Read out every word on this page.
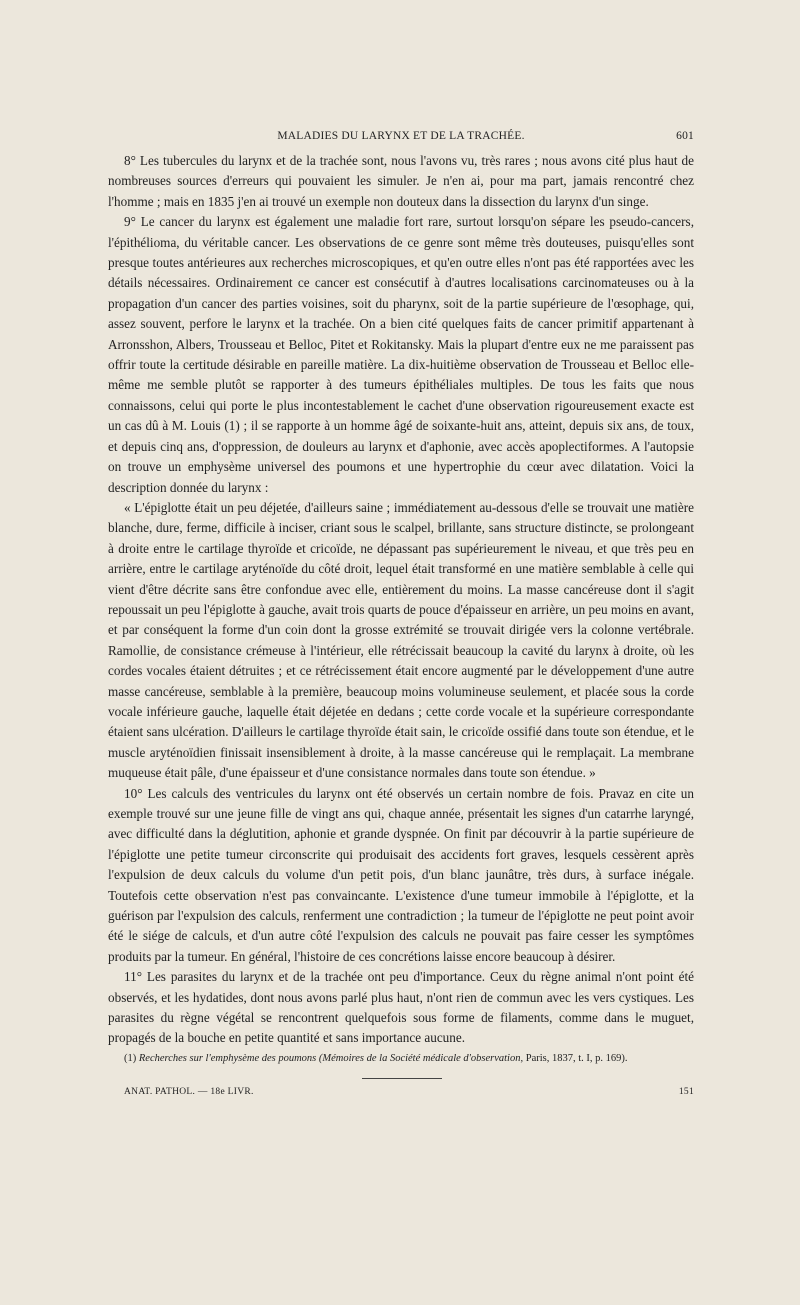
MALADIES DU LARYNX ET DE LA TRACHÉE.	601

8° Les tubercules du larynx et de la trachée sont, nous l'avons vu, très rares ; nous avons cité plus haut de nombreuses sources d'erreurs qui pouvaient les simuler. Je n'en ai, pour ma part, jamais rencontré chez l'homme ; mais en 1835 j'en ai trouvé un exemple non douteux dans la dissection du larynx d'un singe.

9° Le cancer du larynx est également une maladie fort rare, surtout lorsqu'on sépare les pseudo-cancers, l'épithélioma, du véritable cancer. Les observations de ce genre sont même très douteuses, puisqu'elles sont presque toutes antérieures aux recherches microscopiques, et qu'en outre elles n'ont pas été rapportées avec les détails nécessaires. Ordinairement ce cancer est consécutif à d'autres localisations carcinomateuses ou à la propagation d'un cancer des parties voisines, soit du pharynx, soit de la partie supérieure de l'œsophage, qui, assez souvent, perfore le larynx et la trachée. On a bien cité quelques faits de cancer primitif appartenant à Arronsshon, Albers, Trousseau et Belloc, Pitet et Rokitansky. Mais la plupart d'entre eux ne me paraissent pas offrir toute la certitude désirable en pareille matière. La dix-huitième observation de Trousseau et Belloc elle-même me semble plutôt se rapporter à des tumeurs épithéliales multiples. De tous les faits que nous connaissons, celui qui porte le plus incontestablement le cachet d'une observation rigoureusement exacte est un cas dû à M. Louis (1) ; il se rapporte à un homme âgé de soixante-huit ans, atteint, depuis six ans, de toux, et depuis cinq ans, d'oppression, de douleurs au larynx et d'aphonie, avec accès apoplectiformes. A l'autopsie on trouve un emphysème universel des poumons et une hypertrophie du cœur avec dilatation. Voici la description donnée du larynx :

« L'épiglotte était un peu déjetée, d'ailleurs saine ; immédiatement au-dessous d'elle se trouvait une matière blanche, dure, ferme, difficile à inciser, criant sous le scalpel, brillante, sans structure distincte, se prolongeant à droite entre le cartilage thyroïde et cricoïde, ne dépassant pas supérieurement le niveau, et que très peu en arrière, entre le cartilage aryténoïde du côté droit, lequel était transformé en une matière semblable à celle qui vient d'être décrite sans être confondue avec elle, entièrement du moins. La masse cancéreuse dont il s'agit repoussait un peu l'épiglotte à gauche, avait trois quarts de pouce d'épaisseur en arrière, un peu moins en avant, et par conséquent la forme d'un coin dont la grosse extrémité se trouvait dirigée vers la colonne vertébrale. Ramollie, de consistance crémeuse à l'intérieur, elle rétrécissait beaucoup la cavité du larynx à droite, où les cordes vocales étaient détruites ; et ce rétrécissement était encore augmenté par le développement d'une autre masse cancéreuse, semblable à la première, beaucoup moins volumineuse seulement, et placée sous la corde vocale inférieure gauche, laquelle était déjetée en dedans ; cette corde vocale et la supérieure correspondante étaient sans ulcération. D'ailleurs le cartilage thyroïde était sain, le cricoïde ossifié dans toute son étendue, et le muscle aryténoïdien finissait insensiblement à droite, à la masse cancéreuse qui le remplaçait. La membrane muqueuse était pâle, d'une épaisseur et d'une consistance normales dans toute son étendue. »

10° Les calculs des ventricules du larynx ont été observés un certain nombre de fois. Pravaz en cite un exemple trouvé sur une jeune fille de vingt ans qui, chaque année, présentait les signes d'un catarrhe laryngé, avec difficulté dans la déglutition, aphonie et grande dyspnée. On finit par découvrir à la partie supérieure de l'épiglotte une petite tumeur circonscrite qui produisait des accidents fort graves, lesquels cessèrent après l'expulsion de deux calculs du volume d'un petit pois, d'un blanc jaunâtre, très durs, à surface inégale. Toutefois cette observation n'est pas convaincante. L'existence d'une tumeur immobile à l'épiglotte, et la guérison par l'expulsion des calculs, renferment une contradiction ; la tumeur de l'épiglotte ne peut point avoir été le siége de calculs, et d'un autre côté l'expulsion des calculs ne pouvait pas faire cesser les symptômes produits par la tumeur. En général, l'histoire de ces concrétions laisse encore beaucoup à désirer.

11° Les parasites du larynx et de la trachée ont peu d'importance. Ceux du règne animal n'ont point été observés, et les hydatides, dont nous avons parlé plus haut, n'ont rien de commun avec les vers cystiques. Les parasites du règne végétal se rencontrent quelquefois sous forme de filaments, comme dans le muguet, propagés de la bouche en petite quantité et sans importance aucune.

(1) Recherches sur l'emphysème des poumons (Mémoires de la Société médicale d'observation, Paris, 1837, t. I, p. 169).
ANAT. PATHOL. — 18e LIVR.	151
